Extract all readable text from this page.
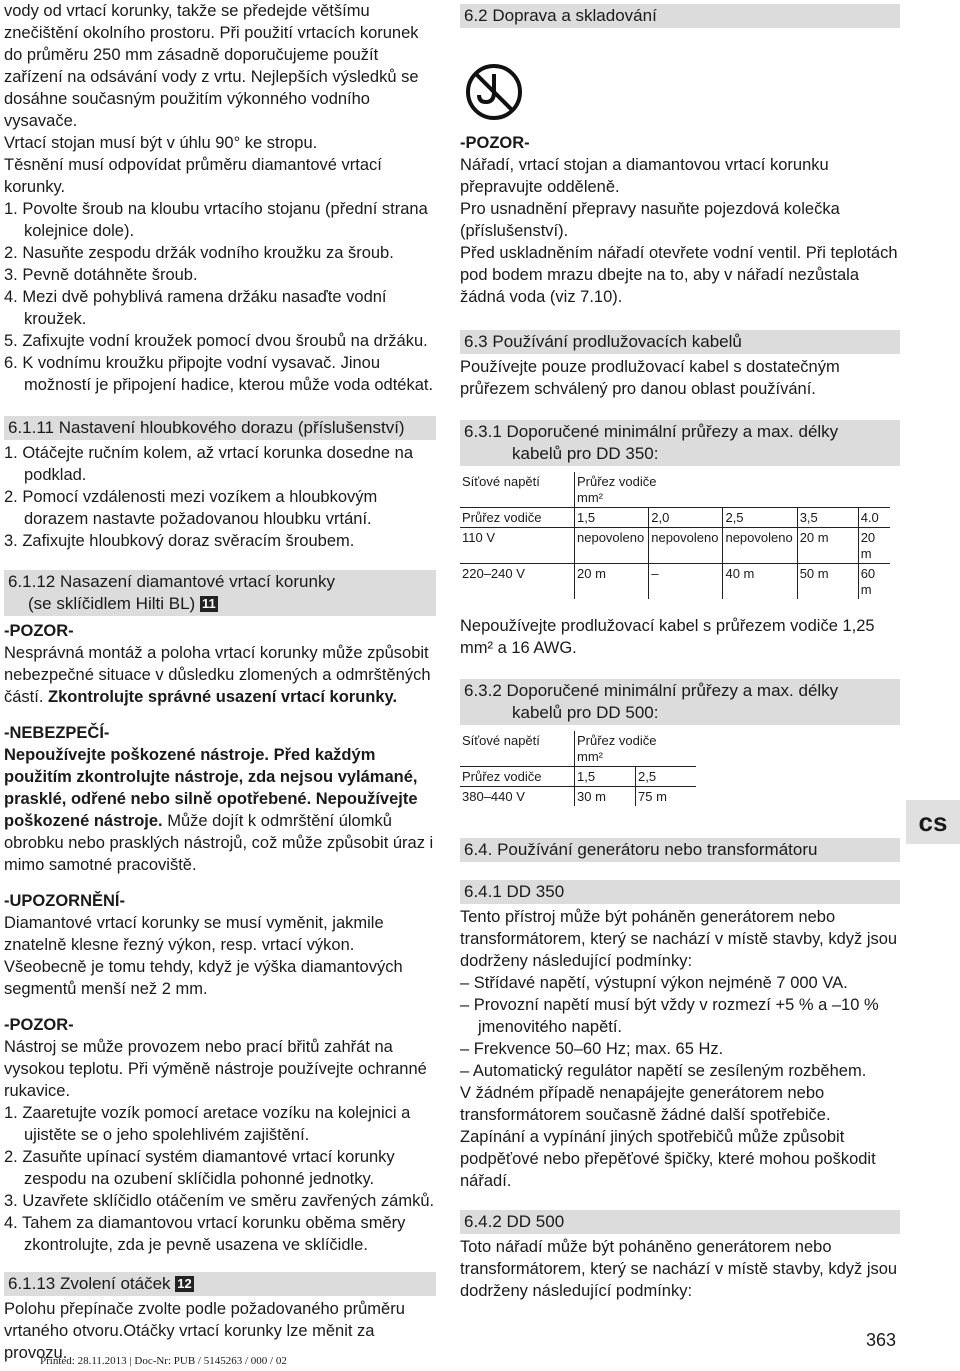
vody od vrtací korunky, takže se předejde většímu znečištění okolního prostoru. Při použití vrtacích korunek do průměru 250 mm zásadně doporučujeme použít zařízení na odsávání vody z vrtu. Nejlepších výsledků se dosáhne současným použitím výkonného vodního vysavače.

Vrtací stojan musí být v úhlu 90° ke stropu.

Těsnění musí odpovídat průměru diamantové vrtací korunky.

1. Povolte šroub na kloubu vrtacího stojanu (přední strana kolejnice dole).

2. Nasuňte zespodu držák vodního kroužku za šroub.

3. Pevně dotáhněte šroub.

4. Mezi dvě pohyblivá ramena držáku nasaďte vodní kroužek.

5. Zafixujte vodní kroužek pomocí dvou šroubů na držáku.

6. K vodnímu kroužku připojte vodní vysavač. Jinou možností je připojení hadice, kterou může voda odtékat.

6.1.11 Nastavení hloubkového dorazu (příslušenství)

1. Otáčejte ručním kolem, až vrtací korunka dosedne na podklad.

2. Pomocí vzdálenosti mezi vozíkem a hloubkovým dorazem nastavte požadovanou hloubku vrtání.

3. Zafixujte hloubkový doraz svěracím šroubem.

6.1.12 Nasazení diamantové vrtací korunky
(se sklíčidlem Hilti BL) 11

-POZOR-

Nesprávná montáž a poloha vrtací korunky může způsobit nebezpečné situace v důsledku zlomených a odmrštěných částí. Zkontrolujte správné usazení vrtací korunky.

-NEBEZPEČÍ-

Nepoužívejte poškozené nástroje. Před každým použitím zkontrolujte nástroje, zda nejsou vylámané, prasklé, odřené nebo silně opotřebené. Nepoužívejte poškozené nástroje. Může dojít k odmrštění úlomků obrobku nebo prasklých nástrojů, což může způsobit úraz i mimo samotné pracoviště.

-UPOZORNĚNÍ-

Diamantové vrtací korunky se musí vyměnit, jakmile znatelně klesne řezný výkon, resp. vrtací výkon. Všeobecně je tomu tehdy, když je výška diamantových segmentů menší než 2 mm.

-POZOR-

Nástroj se může provozem nebo prací břitů zahřát na vysokou teplotu. Při výměně nástroje používejte ochranné rukavice.

1. Zaaretujte vozík pomocí aretace vozíku na kolejnici a ujistěte se o jeho spolehlivém zajištění.

2. Zasuňte upínací systém diamantové vrtací korunky zespodu na ozubení sklíčidla pohonné jednotky.

3. Uzavřete sklíčidlo otáčením ve směru zavřených zámků.

4. Tahem za diamantovou vrtací korunku oběma směry zkontrolujte, zda je pevně usazena ve sklíčidle.

6.1.13 Zvolení otáček 12

Polohu přepínače zvolte podle požadovaného průměru vrtaného otvoru.Otáčky vrtací korunky lze měnit za provozu.

6.2 Doprava a skladování

-POZOR-

Nářadí, vrtací stojan a diamantovou vrtací korunku přepravujte odděleně.

Pro usnadnění přepravy nasuňte pojezdová kolečka (příslušenství).

Před uskladněním nářadí otevřete vodní ventil. Při teplotách pod bodem mrazu dbejte na to, aby v nářadí nezůstala žádná voda (viz 7.10).

6.3 Používání prodlužovacích kabelů

Používejte pouze prodlužovací kabel s dostatečným průřezem schválený pro danou oblast používání.

6.3.1 Doporučené minimální průřezy a max. délky
kabelů pro DD 350:
Síťové napětí	Průřez vodiče
mm²				
Průřez vodiče	1,5	2,0	2,5	3,5	4.0
110 V	nepovoleno	nepovoleno	nepovoleno	20 m	20 m
220–240 V	20 m	–	40 m	50 m	60 m

Nepoužívejte prodlužovací kabel s průřezem vodiče 1,25 mm² a 16 AWG.

6.3.2 Doporučené minimální průřezy a max. délky
kabelů pro DD 500:
Síťové napětí	Průřez vodiče
mm²	
Průřez vodiče	1,5	2,5
380–440 V	30 m	75 m
6.4. Používání generátoru nebo transformátoru
6.4.1 DD 350

Tento přístroj může být poháněn generátorem nebo transformátorem, který se nachází v místě stavby, když jsou dodrženy následující podmínky:

– Střídavé napětí, výstupní výkon nejméně 7 000 VA.

– Provozní napětí musí být vždy v rozmezí +5 % a –10 % jmenovitého napětí.

– Frekvence 50–60 Hz; max. 65 Hz.

– Automatický regulátor napětí se zesíleným rozběhem.

V žádném případě nenapájejte generátorem nebo transformátorem současně žádné další spotřebiče. Zapínání a vypínání jiných spotřebičů může způsobit podpěťové nebo přepěťové špičky, které mohou poškodit nářadí.

6.4.2 DD 500

Toto nářadí může být poháněno generátorem nebo transformátorem, který se nachází v místě stavby, když jsou dodrženy následující podmínky:

cs
363
Printed: 28.11.2013 | Doc-Nr: PUB / 5145263 / 000 / 02
